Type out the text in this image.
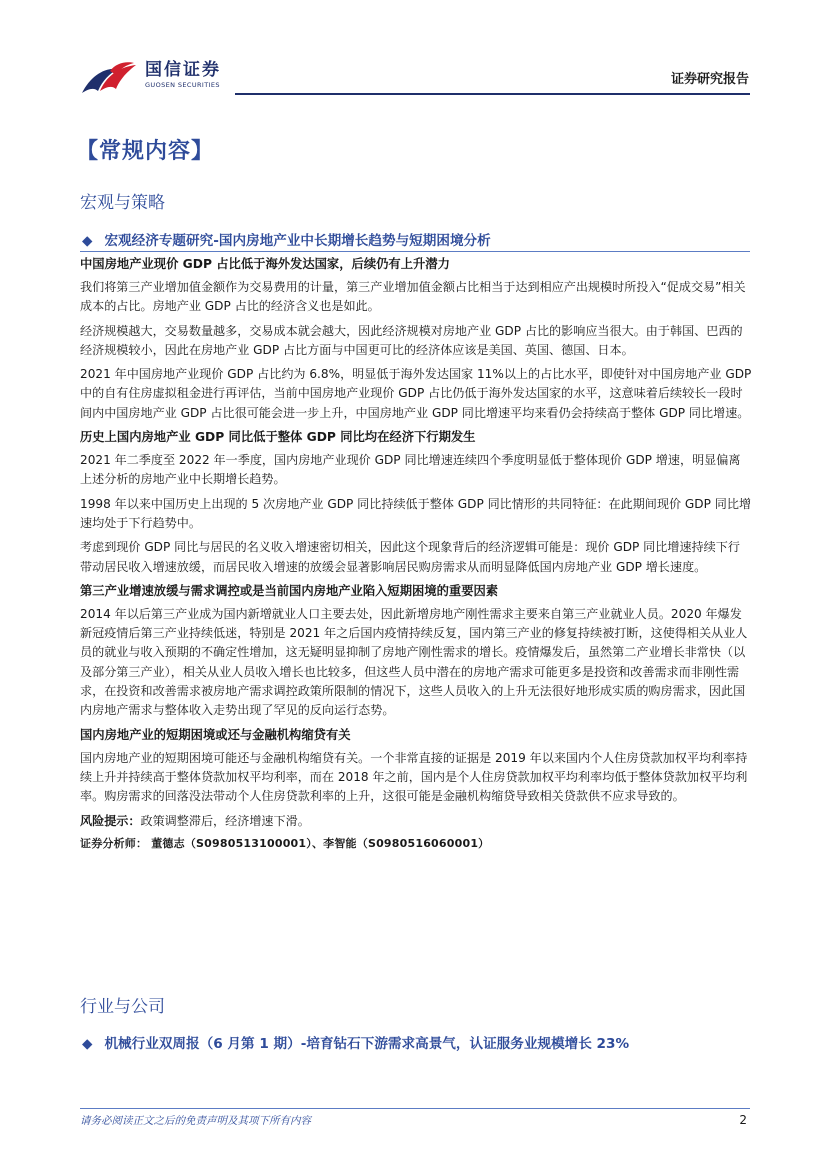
国信证券
GUOSEN SECURITIES	证券研究报告
【常规内容】
宏观与策略
◆ 宏观经济专题研究-国内房地产业中长期增长趋势与短期困境分析
中国房地产业现价 GDP 占比低于海外发达国家，后续仍有上升潜力
我们将第三产业增加值金额作为交易费用的计量，第三产业增加值金额占比相当于达到相应产出规模时所投入“促成交易”相关成本的占比。房地产业 GDP 占比的经济含义也是如此。
经济规模越大，交易数量越多，交易成本就会越大，因此经济规模对房地产业 GDP 占比的影响应当很大。由于韩国、巴西的经济规模较小，因此在房地产业 GDP 占比方面与中国更可比的经济体应该是美国、英国、德国、日本。
2021 年中国房地产业现价 GDP 占比约为 6.8%，明显低于海外发达国家 11%以上的占比水平，即使针对中国房地产业 GDP 中的自有住房虚拟租金进行再评估，当前中国房地产业现价 GDP 占比仍低于海外发达国家的水平，这意味着后续较长一段时间内中国房地产业 GDP 占比很可能会进一步上升，中国房地产业 GDP 同比增速平均来看仍会持续高于整体 GDP 同比增速。
历史上国内房地产业 GDP 同比低于整体 GDP 同比均在经济下行期发生
2021 年二季度至 2022 年一季度，国内房地产业现价 GDP 同比增速连续四个季度明显低于整体现价 GDP 增速，明显偏离上述分析的房地产业中长期增长趋势。
1998 年以来中国历史上出现的 5 次房地产业 GDP 同比持续低于整体 GDP 同比情形的共同特征：在此期间现价 GDP 同比增速均处于下行趋势中。
考虑到现价 GDP 同比与居民的名义收入增速密切相关，因此这个现象背后的经济逻辑可能是：现价 GDP 同比增速持续下行带动居民收入增速放缓，而居民收入增速的放缓会显著影响居民购房需求从而明显降低国内房地产业 GDP 增长速度。
第三产业增速放缓与需求调控或是当前国内房地产业陷入短期困境的重要因素
2014 年以后第三产业成为国内新增就业人口主要去处，因此新增房地产刚性需求主要来自第三产业就业人员。2020 年爆发新冠疫情后第三产业持续低迷，特别是 2021 年之后国内疫情持续反复，国内第三产业的修复持续被打断，这使得相关从业人员的就业与收入预期的不确定性增加，这无疑明显抑制了房地产刚性需求的增长。疫情爆发后，虽然第二产业增长非常快（以及部分第三产业），相关从业人员收入增长也比较多，但这些人员中潜在的房地产需求可能更多是投资和改善需求而非刚性需求，在投资和改善需求被房地产需求调控政策所限制的情况下，这些人员收入的上升无法很好地形成实质的购房需求，因此国内房地产需求与整体收入走势出现了罕见的反向运行态势。
国内房地产业的短期困境或还与金融机构缩贷有关
国内房地产业的短期困境可能还与金融机构缩贷有关。一个非常直接的证据是 2019 年以来国内个人住房贷款加权平均利率持续上升并持续高于整体贷款加权平均利率，而在 2018 年之前，国内是个人住房贷款加权平均利率均低于整体贷款加权平均利率。购房需求的回落没法带动个人住房贷款利率的上升，这很可能是金融机构缩贷导致相关贷款供不应求导致的。
风险提示：政策调整滞后，经济增速下滑。
证券分析师： 董德志（S0980513100001）、李智能（S0980516060001）
行业与公司
◆ 机械行业双周报（6 月第 1 期）-培育钻石下游需求高景气，认证服务业规模增长 23%
请务必阅读正文之后的免责声明及其项下所有内容	2
